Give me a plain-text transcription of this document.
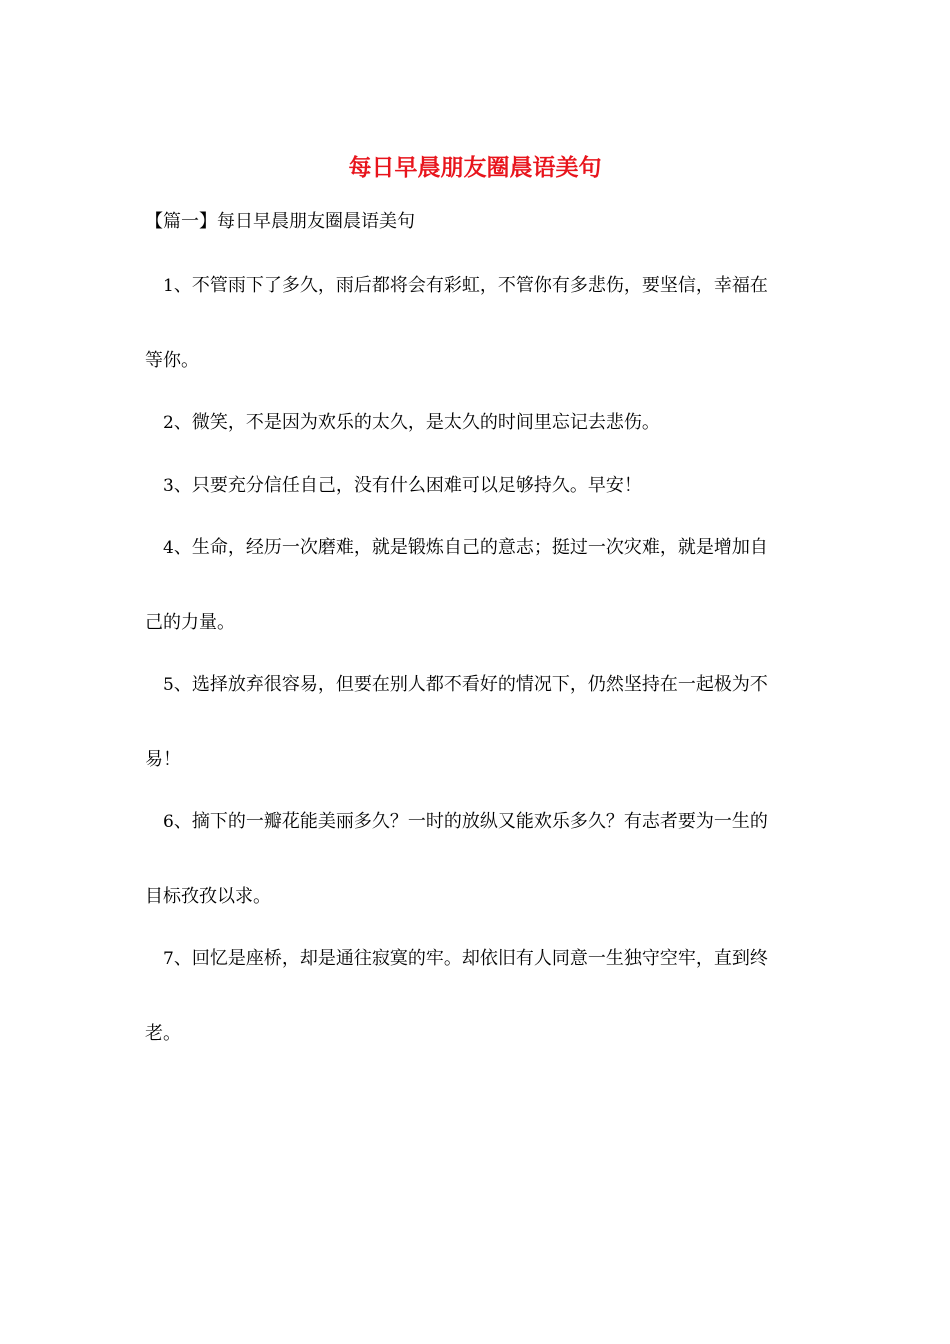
每日早晨朋友圈晨语美句
【篇一】每日早晨朋友圈晨语美句
1、不管雨下了多久，雨后都将会有彩虹，不管你有多悲伤，要坚信，幸福在
等你。
2、微笑，不是因为欢乐的太久，是太久的时间里忘记去悲伤。
3、只要充分信任自己，没有什么困难可以足够持久。早安！
4、生命，经历一次磨难，就是锻炼自己的意志；挺过一次灾难，就是增加自
己的力量。
5、选择放弃很容易，但要在别人都不看好的情况下，仍然坚持在一起极为不
易！
6、摘下的一瓣花能美丽多久？一时的放纵又能欢乐多久？有志者要为一生的
目标孜孜以求。
7、回忆是座桥，却是通往寂寞的牢。却依旧有人同意一生独守空牢，直到终
老。
